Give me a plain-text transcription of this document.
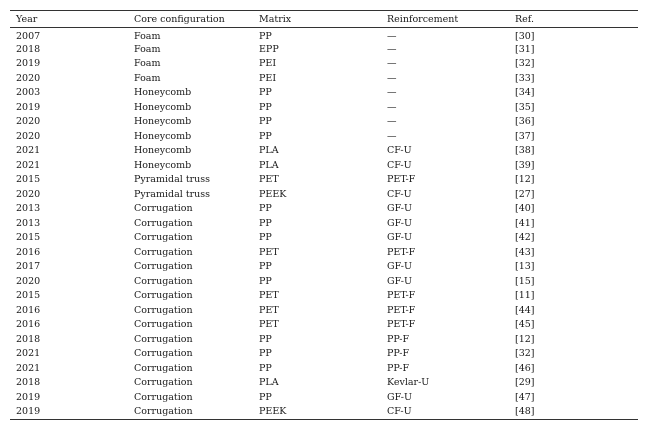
Year	Core configuration	Matrix	Reinforcement	Ref.
2007	Foam	PP	—	[30]
2018	Foam	EPP	—	[31]
2019	Foam	PEI	—	[32]
2020	Foam	PEI	—	[33]
2003	Honeycomb	PP	—	[34]
2019	Honeycomb	PP	—	[35]
2020	Honeycomb	PP	—	[36]
2020	Honeycomb	PP	—	[37]
2021	Honeycomb	PLA	CF-U	[38]
2021	Honeycomb	PLA	CF-U	[39]
2015	Pyramidal truss	PET	PET-F	[12]
2020	Pyramidal truss	PEEK	CF-U	[27]
2013	Corrugation	PP	GF-U	[40]
2013	Corrugation	PP	GF-U	[41]
2015	Corrugation	PP	GF-U	[42]
2016	Corrugation	PET	PET-F	[43]
2017	Corrugation	PP	GF-U	[13]
2020	Corrugation	PP	GF-U	[15]
2015	Corrugation	PET	PET-F	[11]
2016	Corrugation	PET	PET-F	[44]
2016	Corrugation	PET	PET-F	[45]
2018	Corrugation	PP	PP-F	[12]
2021	Corrugation	PP	PP-F	[32]
2021	Corrugation	PP	PP-F	[46]
2018	Corrugation	PLA	Kevlar-U	[29]
2019	Corrugation	PP	GF-U	[47]
2019	Corrugation	PEEK	CF-U	[48]
